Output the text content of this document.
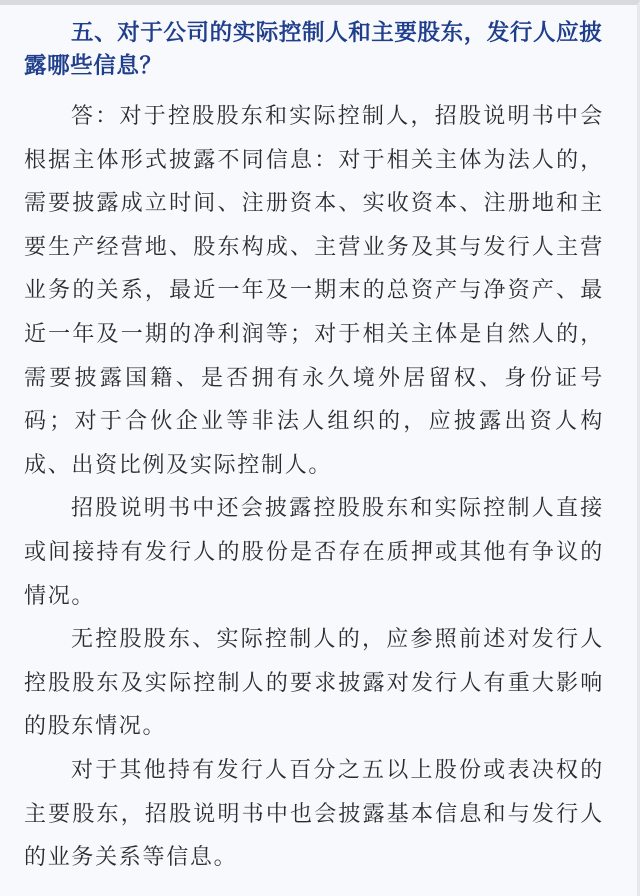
五、对于公司的实际控制人和主要股东，发行人应披露哪些信息？

答：对于控股股东和实际控制人，招股说明书中会根据主体形式披露不同信息：对于相关主体为法人的，需要披露成立时间、注册资本、实收资本、注册地和主要生产经营地、股东构成、主营业务及其与发行人主营业务的关系，最近一年及一期末的总资产与净资产、最近一年及一期的净利润等；对于相关主体是自然人的，需要披露国籍、是否拥有永久境外居留权、身份证号码；对于合伙企业等非法人组织的，应披露出资人构成、出资比例及实际控制人。

招股说明书中还会披露控股股东和实际控制人直接或间接持有发行人的股份是否存在质押或其他有争议的情况。

无控股股东、实际控制人的，应参照前述对发行人控股股东及实际控制人的要求披露对发行人有重大影响的股东情况。

对于其他持有发行人百分之五以上股份或表决权的主要股东，招股说明书中也会披露基本信息和与发行人的业务关系等信息。
